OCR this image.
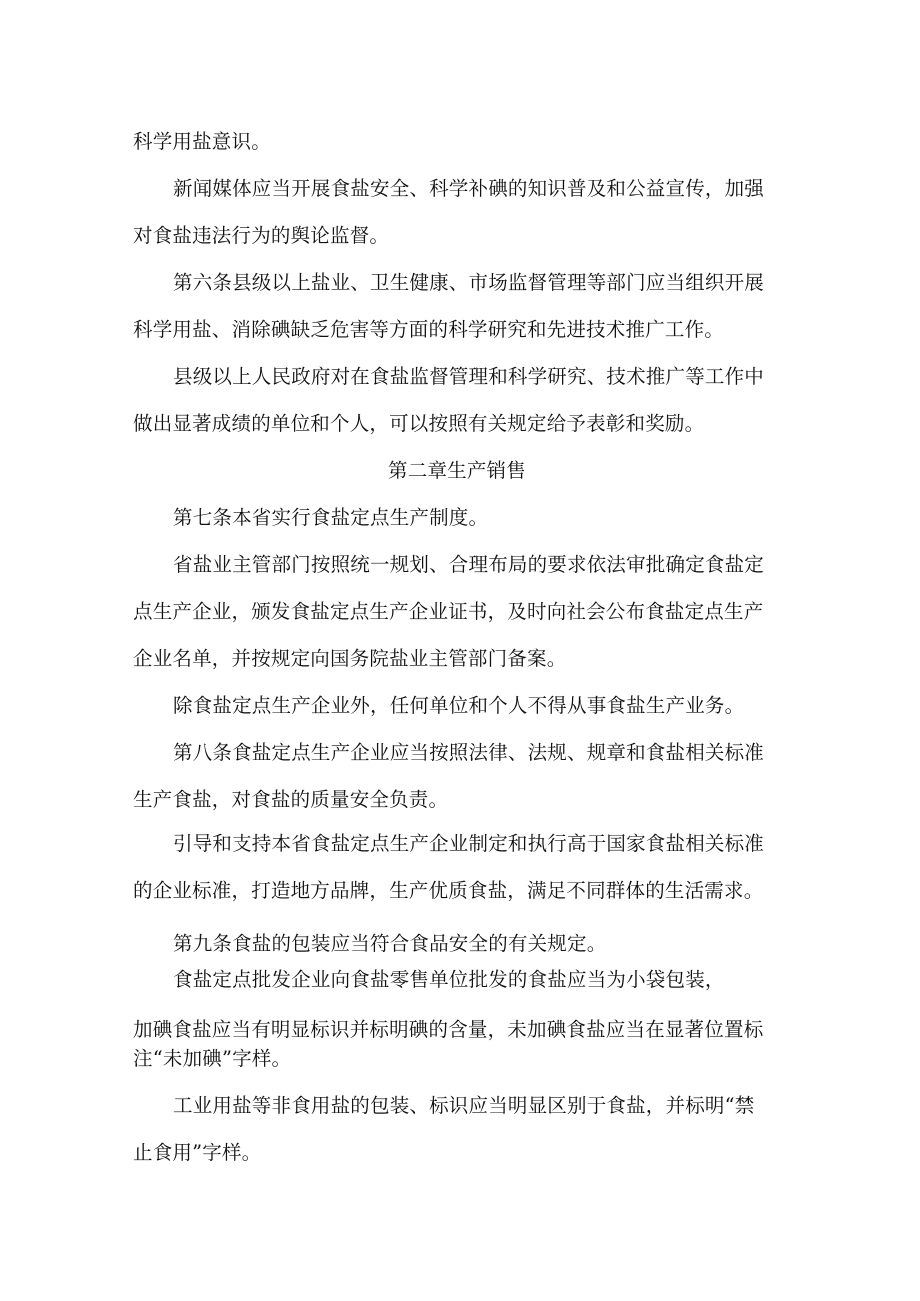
科学用盐意识。
新闻媒体应当开展食盐安全、科学补碘的知识普及和公益宣传，加强
对食盐违法行为的舆论监督。
第六条县级以上盐业、卫生健康、市场监督管理等部门应当组织开展
科学用盐、消除碘缺乏危害等方面的科学研究和先进技术推广工作。
县级以上人民政府对在食盐监督管理和科学研究、技术推广等工作中
做出显著成绩的单位和个人，可以按照有关规定给予表彰和奖励。
第二章生产销售
第七条本省实行食盐定点生产制度。
省盐业主管部门按照统一规划、合理布局的要求依法审批确定食盐定
点生产企业，颁发食盐定点生产企业证书，及时向社会公布食盐定点生产
企业名单，并按规定向国务院盐业主管部门备案。
除食盐定点生产企业外，任何单位和个人不得从事食盐生产业务。
第八条食盐定点生产企业应当按照法律、法规、规章和食盐相关标准
生产食盐，对食盐的质量安全负责。
引导和支持本省食盐定点生产企业制定和执行高于国家食盐相关标准
的企业标准，打造地方品牌，生产优质食盐，满足不同群体的生活需求。
第九条食盐的包装应当符合食品安全的有关规定。
食盐定点批发企业向食盐零售单位批发的食盐应当为小袋包装，
加碘食盐应当有明显标识并标明碘的含量，未加碘食盐应当在显著位置标
注“未加碘”字样。
工业用盐等非食用盐的包装、标识应当明显区别于食盐，并标明“禁
止食用”字样。
